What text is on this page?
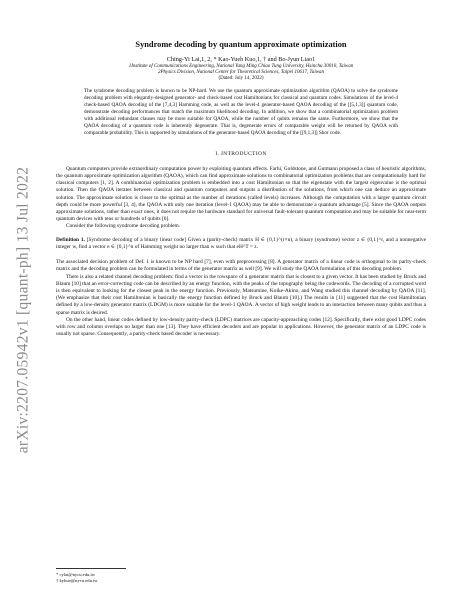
arXiv:2207.05942v1 [quant-ph] 13 Jul 2022
Syndrome decoding by quantum approximate optimization
Ching-Yi Lai,1, 2, * Kao-Yueh Kuo,1, † and Bo-Jyun Liao1
1Institute of Communications Engineering, National Yang Ming Chiao Tung University, Hsinchu 30010, Taiwan
2Physics Division, National Center for Theoretical Sciences, Taipei 10617, Taiwan
(Dated: July 14, 2022)
The syndrome decoding problem is known to be NP-hard. We use the quantum approximate optimization algorithm (QAOA) to solve the syndrome decoding problem with elegantly-designed generator- and check-based cost Hamiltonians for classical and quantum codes. Simulations of the level-4 check-based QAOA decoding of the [7,4,3] Hamming code, as well as the level-4 generator-based QAOA decoding of the [[5,1,3]] quantum code, demonstrate decoding performances that match the maximum likelihood decoding. In addition, we show that a combinatorial optimization problem with additional redundant clauses may be more suitable for QAOA, while the number of qubits remains the same. Furthermore, we show that the QAOA decoding of a quantum code is inherently degenerate. That is, degenerate errors of comparable weight will be returned by QAOA with comparable probability. This is supported by simulations of the generator-based QAOA decoding of the [[9,1,3]] Shor code.
I. INTRODUCTION

Quantum computers provide extraordinary computation power by exploiting quantum effects. Farhi, Goldstone, and Gutmann proposed a class of heuristic algorithms, the quantum approximate optimization algorithm (QAOA), which can find approximate solutions to combinatorial optimization problems that are computationally hard for classical computers [1, 2]. A combinatorial optimization problem is embedded into a cost Hamiltonian so that the eigenstate with the largest eigenvalue is the optimal solution. Then the QAOA iterates between classical and quantum computers and outputs a distribution of the solutions, from which one can deduce an approximate solution. The approximate solution is closer to the optimal as the number of iterations (called levels) increases. Although the computation with a larger quantum circuit depth could be more powerful [3, 4], the QAOA with only one iteration (level-1 QAOA) may be able to demonstrate a quantum advantage [5]. Since the QAOA outputs approximate solutions, rather than exact ones, it does not require the hardware standard for universal fault-tolerant quantum computation and may be suitable for near-term quantum devices with tens or hundreds of qubits [6].

Consider the following syndrome decoding problem.

Definition 1. [Syndrome decoding of a binary linear code] Given a (parity-check) matrix H ∈ {0,1}^(r×n), a binary (syndrome) vector z ∈ {0,1}^r, and a nonnegative integer w, find a vector e ∈ {0,1}^n of Hamming weight no larger than w such that eH^T = z.

The associated decision problem of Def. 1 is known to be NP hard [7], even with preprocessing [8]. A generator matrix of a linear code is orthogonal to its parity-check matrix and the decoding problem can be formulated in terms of the generator matrix as well [9]. We will study the QAOA formulation of this decoding problem.

There is also a related channel decoding problem: find a vector in the rowspace of a generator matrix that is closest to a given vector. It has been studied by Bruck and Blaum [10] that an error-correcting code can be described by an energy function, with the peaks of the topography being the codewords. The decoding of a corrupted word is then equivalent to looking for the closest peak in the energy function. Previously, Matsumine, Koike-Akino, and Wang studied this channel decoding by QAOA [11]. (We emphasize that their cost Hamiltonian is basically the energy function defined by Bruck and Blaum [10].) The results in [11] suggested that the cost Hamiltonian defined by a low-density generator matrix (LDGM) is more suitable for the level-1 QAOA. A vector of high weight leads to an interaction between many qubits and thus a sparse matrix is desired.

On the other hand, linear codes defined by low-density parity-check (LDPC) matrices are capacity-approaching codes [12]. Specifically, there exist good LDPC codes with row and column overlaps no larger than one [13]. They have efficient decoders and are popular in applications. However, the generator matrix of an LDPC code is usually not sparse. Consequently, a parity-check based decoder is necessary.

* cylai@nycu.edu.tw
† kykuo@nycu.edu.tw
